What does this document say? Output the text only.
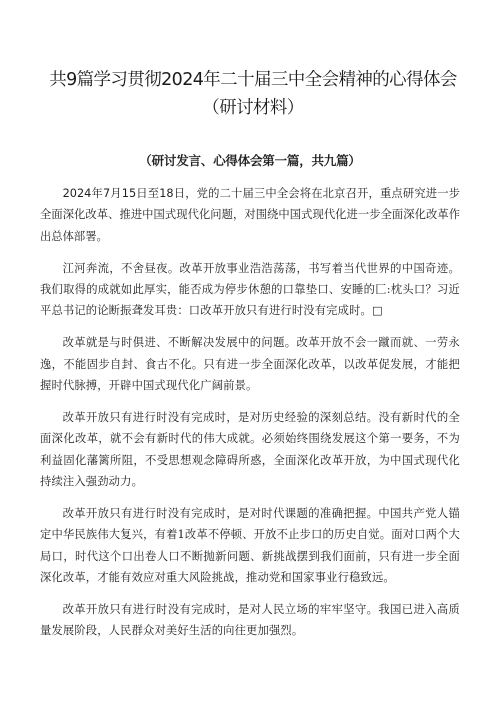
共9篇学习贯彻2024年二十届三中全会精神的心得体会（研讨材料）
（研讨发言、心得体会第一篇，共九篇）

2024年7月15日至18日，党的二十届三中全会将在北京召开，重点研究进一步全面深化改革、推进中国式现代化问题，对围绕中国式现代化进一步全面深化改革作出总体部署。

江河奔流，不舍昼夜。改革开放事业浩浩荡荡，书写着当代世界的中国奇迹。我们取得的成就如此厚实，能否成为停步休憩的口靠垫口、安睡的匚:枕头口？习近平总书记的论断振聋发耳贵：口改革开放只有进行时没有完成时。□

改革就是与时俱进、不断解决发展中的问题。改革开放不会一蹴而就、一劳永逸，不能固步自封、食古不化。只有进一步全面深化改革，以改革促发展，才能把握时代脉搏，开辟中国式现代化广阔前景。

改革开放只有进行时没有完成时，是对历史经验的深刻总结。没有新时代的全面深化改革，就不会有新时代的伟大成就。必须始终围绕发展这个第一要务，不为利益固化藩篱所阻，不受思想观念障碍所惑，全面深化改革开放，为中国式现代化持续注入强劲动力。

改革开放只有进行时没有完成时，是对时代课题的准确把握。中国共产党人锚定中华民族伟大复兴，有着1改革不停顿、开放不止步口的历史自觉。面对口两个大局口，时代这个口出卷人口不断抛新问题、新挑战摆到我们面前，只有进一步全面深化改革，才能有效应对重大风险挑战，推动党和国家事业行稳致远。

改革开放只有进行时没有完成时，是对人民立场的牢牢坚守。我国已进入高质量发展阶段，人民群众对美好生活的向往更加强烈。
